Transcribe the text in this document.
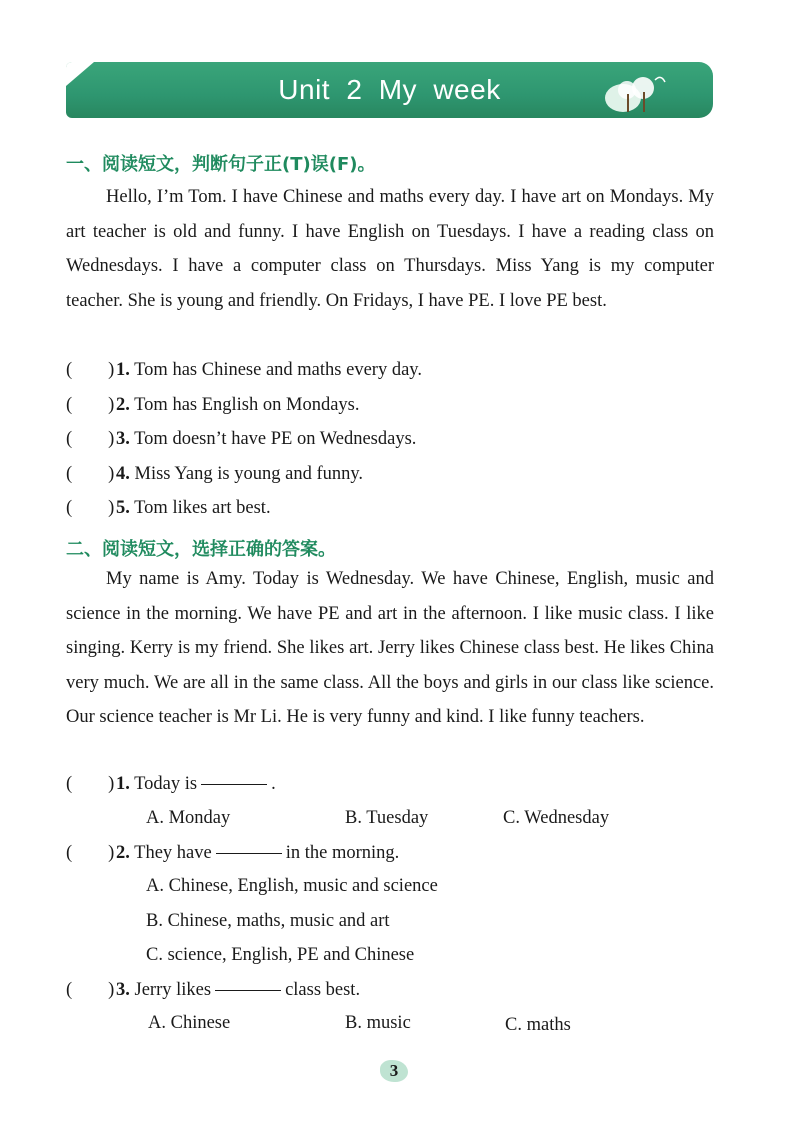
Unit 2 My week
一、阅读短文，判断句子正(T)误(F)。
Hello, I’m Tom. I have Chinese and maths every day. I have art on Mondays. My art teacher is old and funny. I have English on Tuesdays. I have a reading class on Wednesdays. I have a computer class on Thursdays. Miss Yang is my computer teacher. She is young and friendly. On Fridays, I have PE. I love PE best.
( )1. Tom has Chinese and maths every day.
( )2. Tom has English on Mondays.
( )3. Tom doesn’t have PE on Wednesdays.
( )4. Miss Yang is young and funny.
( )5. Tom likes art best.
二、阅读短文，选择正确的答案。
My name is Amy. Today is Wednesday. We have Chinese, English, music and science in the morning. We have PE and art in the afternoon. I like music class. I like singing. Kerry is my friend. She likes art. Jerry likes Chinese class best. He likes China very much. We are all in the same class. All the boys and girls in our class like science. Our science teacher is Mr Li. He is very funny and kind. I like funny teachers.
( )1. Today is	.
A. Monday	B. Tuesday	C. Wednesday
( )2. They have	in the morning.
A. Chinese, English, music and science
B. Chinese, maths, music and art
C. science, English, PE and Chinese
( )3. Jerry likes	class best.
A. Chinese	B. music	C. maths
3
